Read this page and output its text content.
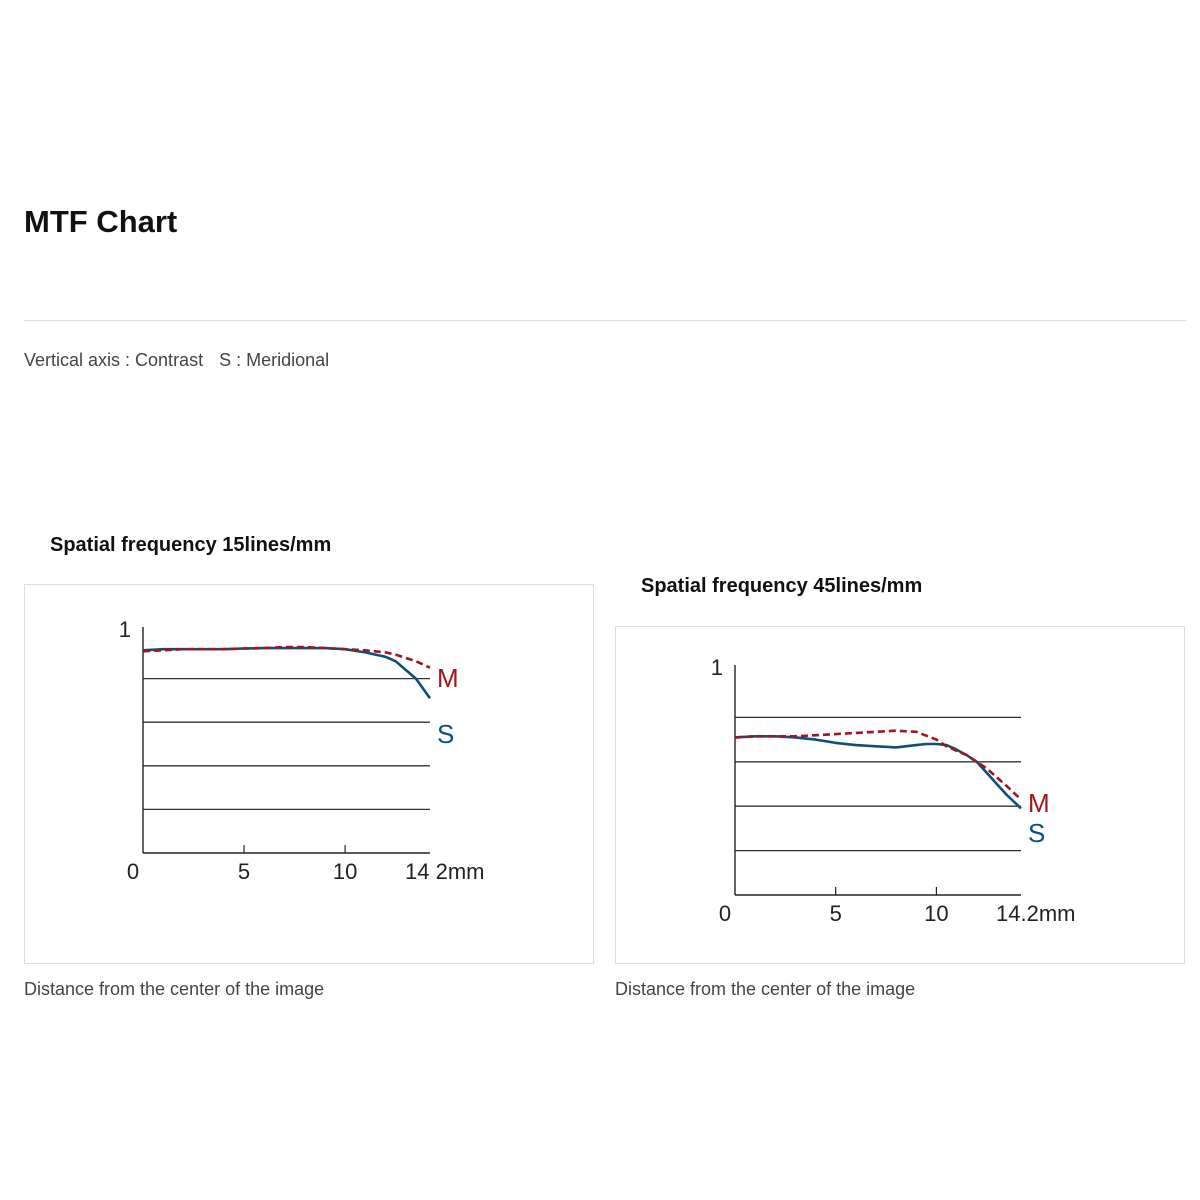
MTF Chart
Vertical axis : Contrast S : Meridional
Spatial frequency 15lines/mm
1
0	5	10 14 2mm
S
M
Distance from the center of the image
Spatial frequency 45lines/mm
1
0	5	10 14.2mm
S
M
Distance from the center of the image
